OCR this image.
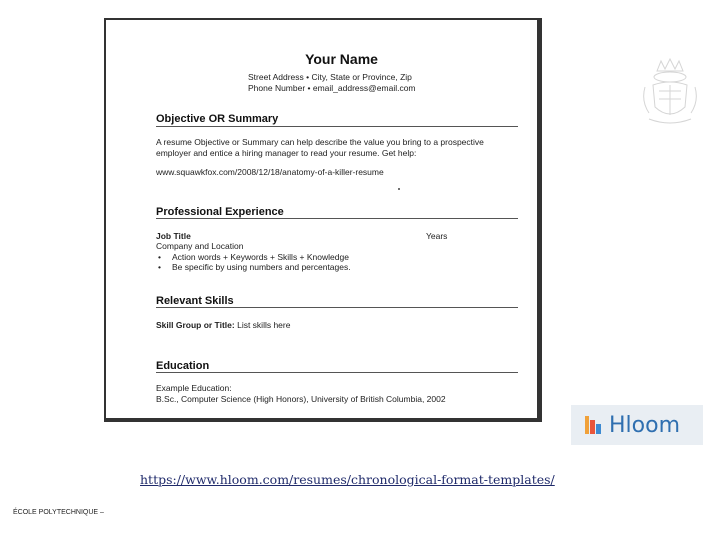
Your Name
Street Address • City, State or Province, Zip
Phone Number • email_address@email.com
Objective OR Summary
A resume Objective or Summary can help describe the value you bring to a prospective
employer and entice a hiring manager to read your resume. Get help:
www.squawkfox.com/2008/12/18/anatomy-of-a-killer-resume
Professional Experience
Job Title	Years
Company and Location
• Action words + Keywords + Skills + Knowledge
• Be specific by using numbers and percentages.
Relevant Skills
Skill Group or Title: List skills here
Education
Example Education:
B.Sc., Computer Science (High Honors), University of British Columbia, 2002
Hloom
https://www.hloom.com/resumes/chronological-format-templates/
ÉCOLE POLYTECHNIQUE –
